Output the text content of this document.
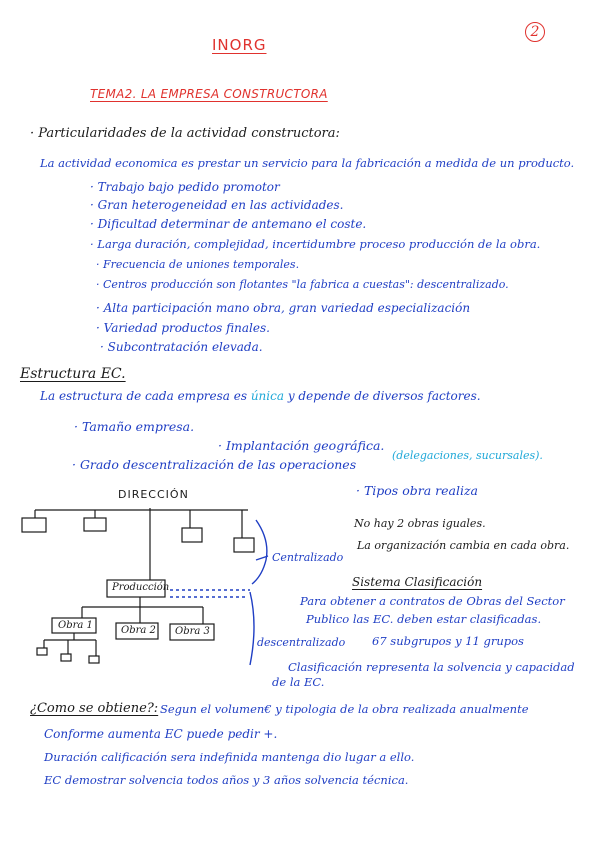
INORG
2
TEMA2. LA EMPRESA CONSTRUCTORA
· Particularidades de la actividad constructora:
La actividad economica es prestar un servicio para la fabricación a medida de un producto.
· Trabajo bajo pedido promotor
· Gran heterogeneidad en las actividades.
· Dificultad determinar de antemano el coste.
· Larga duración, complejidad, incertidumbre proceso producción de la obra.
· Frecuencia de uniones temporales.
· Centros producción son flotantes "la fabrica a cuestas": descentralizado.
· Alta participación mano obra, gran variedad especialización
· Variedad productos finales.
· Subcontratación elevada.
Estructura EC.
La estructura de cada empresa es única y depende de diversos factores.
· Tamaño empresa.
· Implantación geográfica.
(delegaciones, sucursales).
· Grado descentralización de las operaciones
· Tipos obra realiza
DIRECCIÓN
Producción
Obra 1	Obra 2 Obra 3
Centralizado
descentralizado
No hay 2 obras iguales.
La organización cambia en cada obra.
Sistema Clasificación
Para obtener a contratos de Obras del Sector
Publico las EC. deben estar clasificadas.
67 subgrupos y 11 grupos
Clasificación representa la solvencia y capacidad
de la EC.
¿Como se obtiene?: Segun el volumen€ y tipologia de la obra realizada anualmente
Conforme aumenta EC puede pedir +.
Duración calificación sera indefinida mantenga dio lugar a ello.
EC demostrar solvencia todos años y 3 años solvencia técnica.
